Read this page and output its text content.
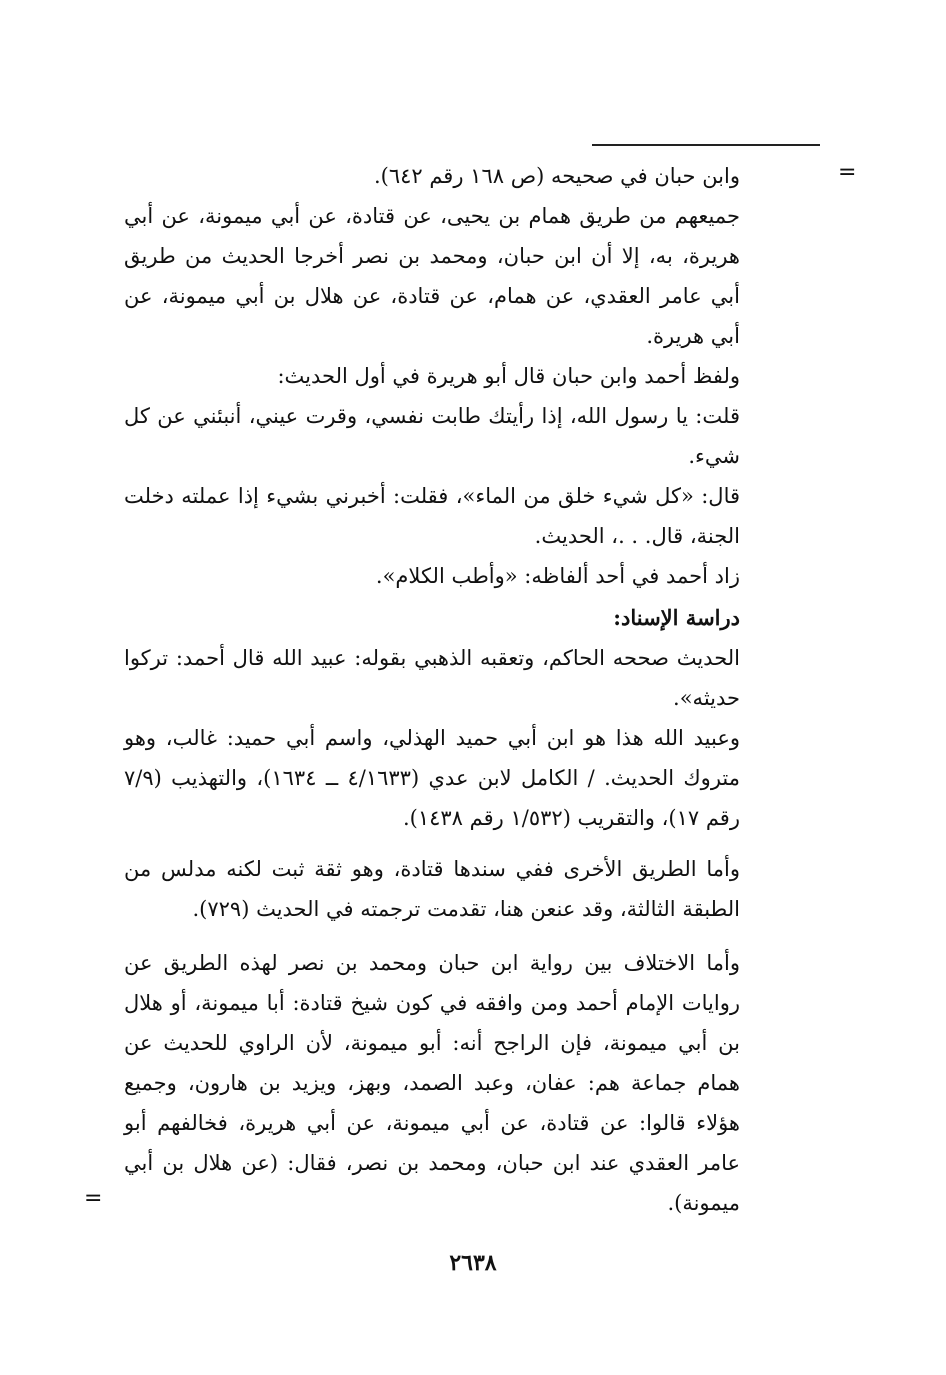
=

وابن حبان في صحيحه (ص ١٦٨ رقم ٦٤٢).

جميعهم من طريق همام بن يحيى، عن قتادة، عن أبي ميمونة، عن أبي هريرة، به، إلا أن ابن حبان، ومحمد بن نصر أخرجا الحديث من طريق أبي عامر العقدي، عن همام، عن قتادة، عن هلال بن أبي ميمونة، عن أبي هريرة.

ولفظ أحمد وابن حبان قال أبو هريرة في أول الحديث:

قلت: يا رسول الله، إذا رأيتك طابت نفسي، وقرت عيني، أنبئني عن كل شيء.

قال: «كل شيء خلق من الماء»، فقلت: أخبرني بشيء إذا عملته دخلت الجنة، قال. . .، الحديث.

زاد أحمد في أحد ألفاظه: «وأطب الكلام».

دراسة الإسناد:

الحديث صححه الحاكم، وتعقبه الذهبي بقوله: عبيد الله قال أحمد: تركوا حديثه».

وعبيد الله هذا هو ابن أبي حميد الهذلي، واسم أبي حميد: غالب، وهو متروك الحديث. / الكامل لابن عدي (٤/١٦٣٣ ــ ١٦٣٤)، والتهذيب (٧/٩ رقم ١٧)، والتقريب (١/٥٣٢ رقم ١٤٣٨).

وأما الطريق الأخرى ففي سندها قتادة، وهو ثقة ثبت لكنه مدلس من الطبقة الثالثة، وقد عنعن هنا، تقدمت ترجمته في الحديث (٧٢٩).

وأما الاختلاف بين رواية ابن حبان ومحمد بن نصر لهذه الطريق عن روايات الإمام أحمد ومن وافقه في كون شيخ قتادة: أبا ميمونة، أو هلال بن أبي ميمونة، فإن الراجح أنه: أبو ميمونة، لأن الراوي للحديث عن همام جماعة هم: عفان، وعبد الصمد، وبهز، ويزيد بن هارون، وجميع هؤلاء قالوا: عن قتادة، عن أبي ميمونة، عن أبي هريرة، فخالفهم أبو عامر العقدي عند ابن حبان، ومحمد بن نصر، فقال: (عن هلال بن أبي ميمونة).

=
٢٦٣٨
